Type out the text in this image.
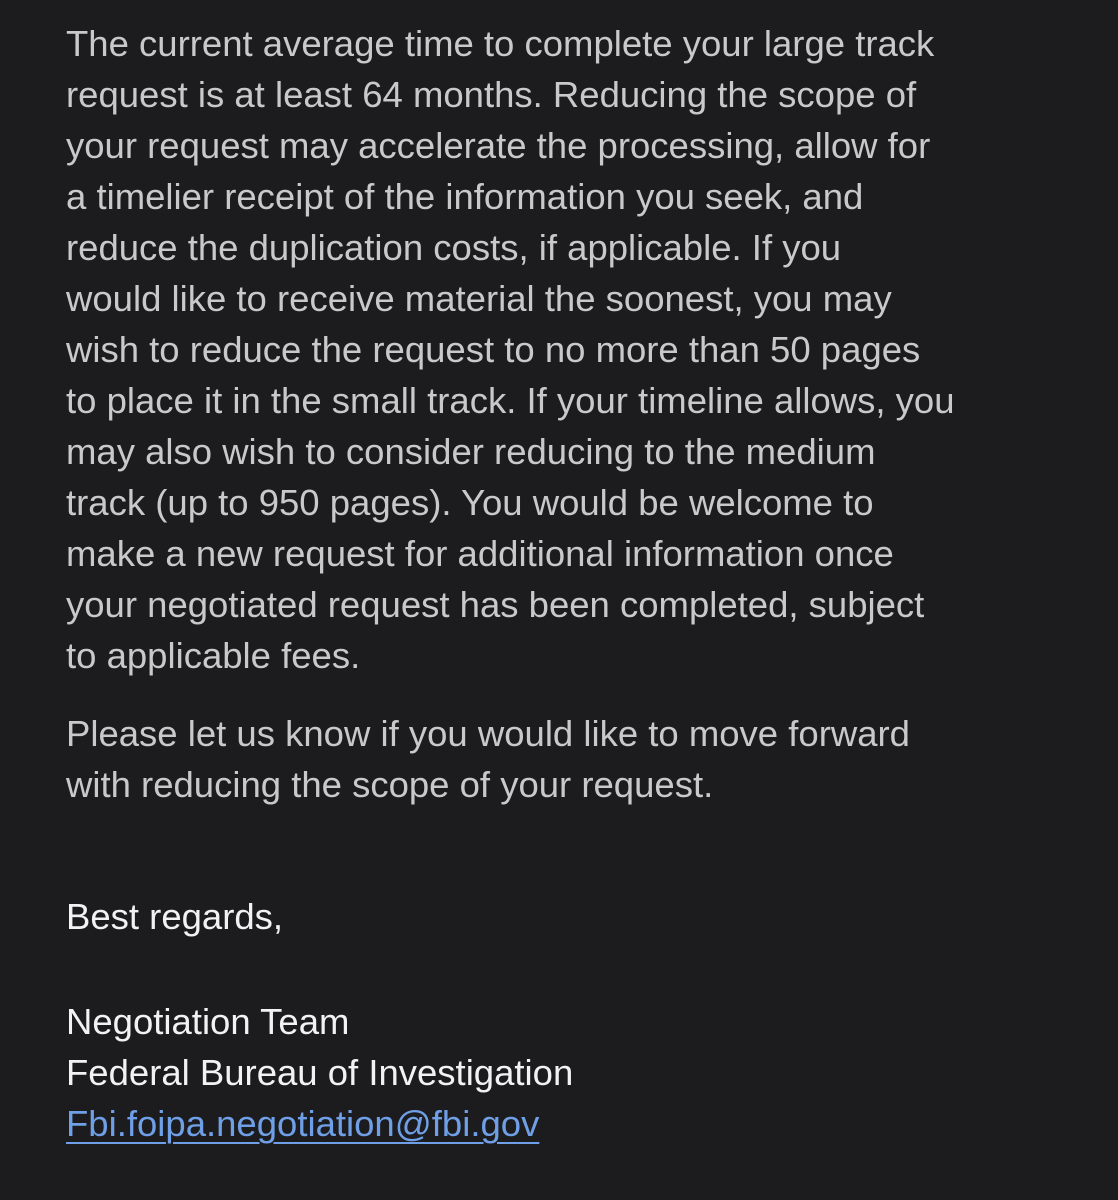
The current average time to complete your large track
request is at least 64 months. Reducing the scope of
your request may accelerate the processing, allow for
a timelier receipt of the information you seek, and
reduce the duplication costs, if applicable. If you
would like to receive material the soonest, you may
wish to reduce the request to no more than 50 pages
to place it in the small track. If your timeline allows, you
may also wish to consider reducing to the medium
track (up to 950 pages). You would be welcome to
make a new request for additional information once
your negotiated request has been completed, subject
to applicable fees.

Please let us know if you would like to move forward
with reducing the scope of your request.

Best regards,

Negotiation Team
Federal Bureau of Investigation
Fbi.foipa.negotiation@fbi.gov
